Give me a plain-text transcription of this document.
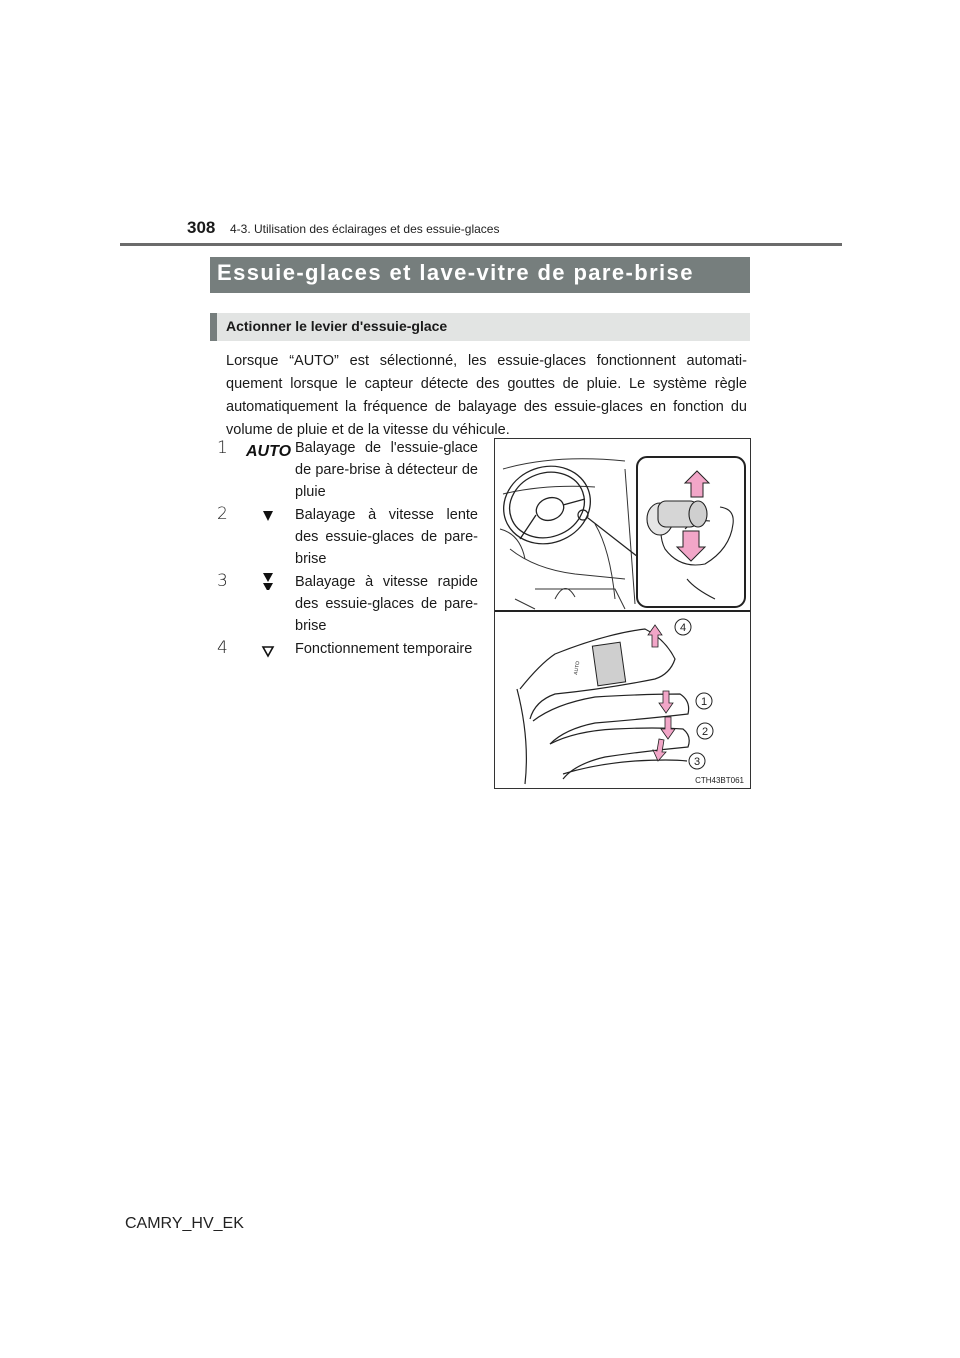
308 4-3. Utilisation des éclairages et des essuie-glaces
Essuie-glaces et lave-vitre de pare-brise
Actionner le levier d'essuie-glace

Lorsque “AUTO” est sélectionné, les essuie-glaces fonctionnent automati-quement lorsque le capteur détecte des gouttes de pluie. Le système règle automatiquement la fréquence de balayage des essuie-glaces en fonction du volume de pluie et de la vitesse du véhicule.

1	AUTO Balayage de l'essuie-glace de pare-brise à détecteur de pluie
2	Balayage à vitesse lente des essuie-glaces de pare-brise
3	Balayage à vitesse rapide des essuie-glaces de pare-brise
4	Fonctionnement temporaire
AUTO
4
1
2
3
CTH43BT061
CAMRY_HV_EK
